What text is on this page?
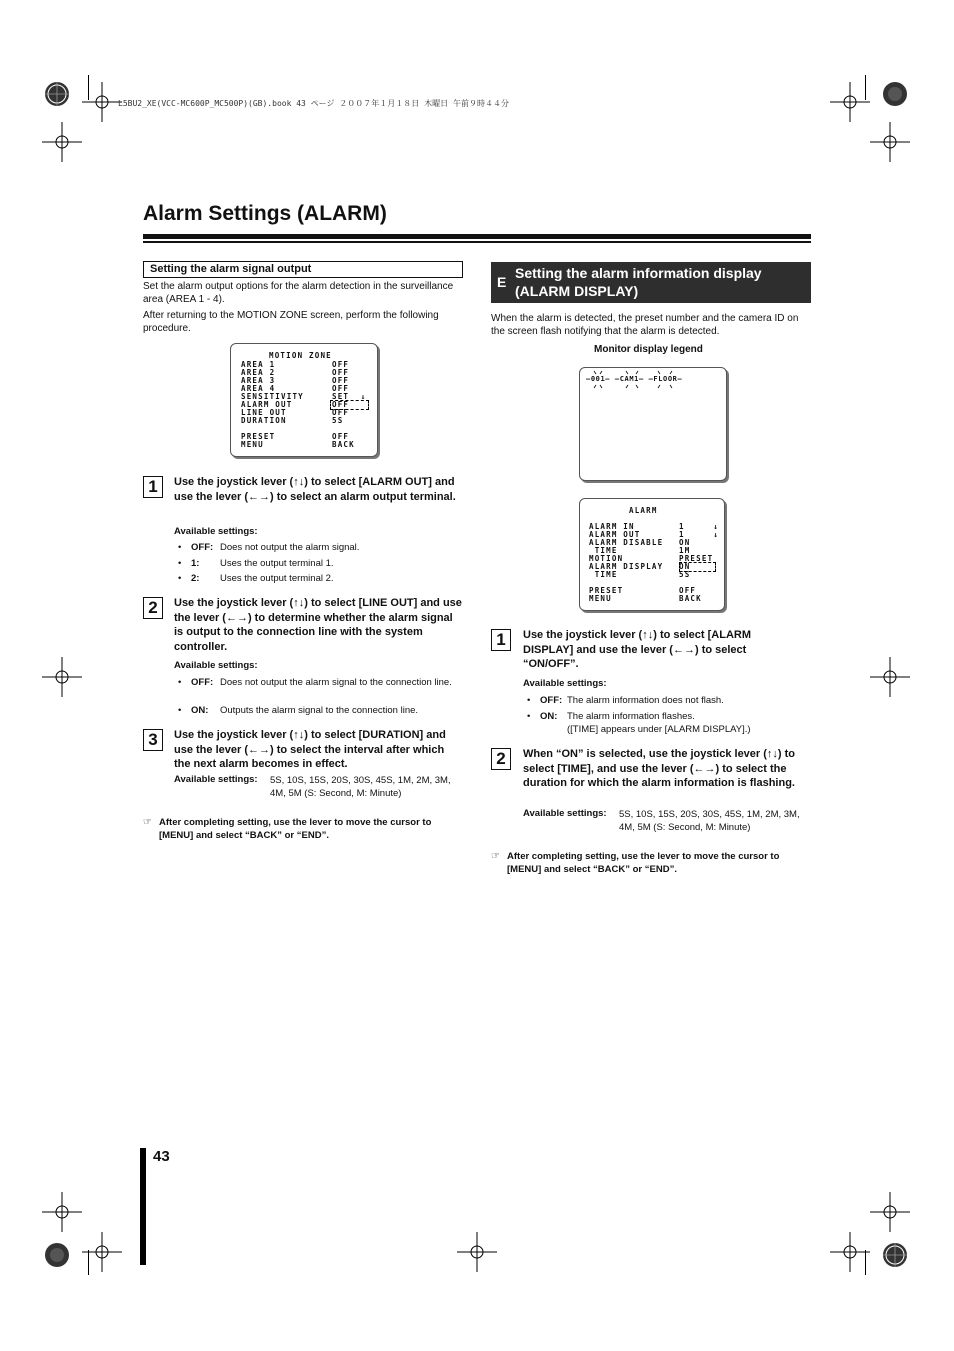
L5BU2_XE(VCC-MC600P_MC500P)(GB).book 43 ページ ２００７年１月１８日 木曜日 午前９時４４分
Alarm Settings (ALARM)
Setting the alarm signal output
Set the alarm output options for the alarm detection in the surveillance area (AREA 1 - 4).
After returning to the MOTION ZONE screen, perform the following procedure.
MOTION ZONE
AREA 1	OFF
AREA 2	OFF
AREA 3	OFF
AREA 4	OFF
SENSITIVITY	SET  ↓
ALARM OUT	OFF
LINE OUT	OFF
DURATION	5S
PRESET	OFF
MENU	BACK
1	Use the joystick lever (↑↓) to select [ALARM OUT] and use the lever (←→) to select an alarm output terminal.
Available settings:
• OFF: Does not output the alarm signal.
• 1: Uses the output terminal 1.
• 2: Uses the output terminal 2.
2	Use the joystick lever (↑↓) to select [LINE OUT] and use the lever (←→) to determine whether the alarm signal is output to the connection line with the system controller.
Available settings:
• OFF: Does not output the alarm signal to the connection line.
• ON: Outputs the alarm signal to the connection line.
3	Use the joystick lever (↑↓) to select [DURATION] and use the lever (←→) to select the interval after which the next alarm becomes in effect.
Available settings: 5S, 10S, 15S, 20S, 30S, 45S, 1M, 2M, 3M, 4M, 5M (S: Second, M: Minute)
☞ After completing setting, use the lever to move the cursor to [MENU] and select “BACK” or “END”.
E
Setting the alarm information display (ALARM DISPLAY)
When the alarm is detected, the preset number and the camera ID on the screen flash notifying that the alarm is detected.
Monitor display legend
—001— —CAM1— —FLOOR—
ALARM
ALARM IN	1     ↓
ALARM OUT	1     ↓
ALARM DISABLE ON
TIME	1M
MOTION	PRESET
ALARM DISPLAY ON
TIME	5S
PRESET	OFF
MENU	BACK
1	Use the joystick lever (↑↓) to select [ALARM DISPLAY] and use the lever (←→) to select “ON/OFF”.
Available settings:
• OFF: The alarm information does not flash.
• ON: The alarm information flashes.
([TIME] appears under [ALARM DISPLAY].)
2	When “ON” is selected, use the joystick lever (↑↓) to select [TIME], and use the lever (←→) to select the duration for which the alarm information is flashing.
Available settings: 5S, 10S, 15S, 20S, 30S, 45S, 1M, 2M, 3M, 4M, 5M (S: Second, M: Minute)
☞ After completing setting, use the lever to move the cursor to [MENU] and select “BACK” or “END”.
43
